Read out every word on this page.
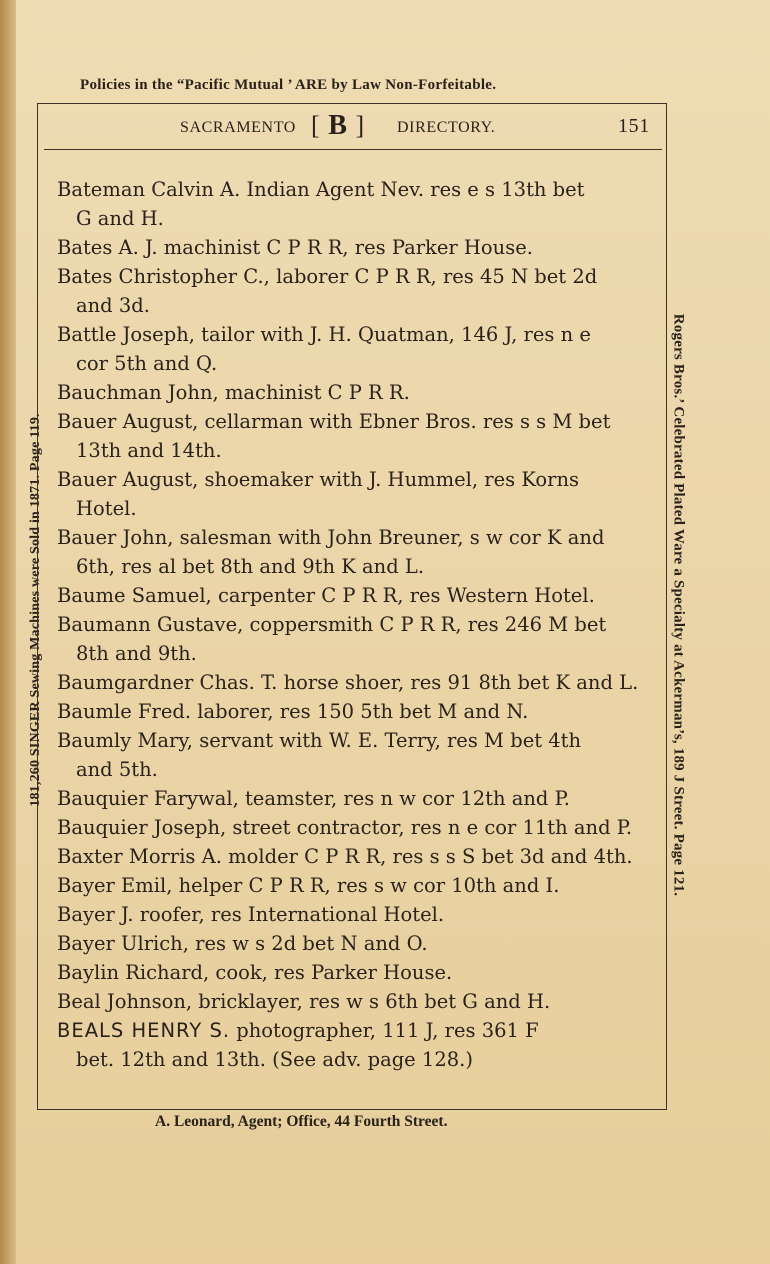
Policies in the “Pacific Mutual ’ ARE by Law Non-Forfeitable.
181,260 SINGER Sewing Machines were Sold in 1871. Page 119.	Rogers Bros.’ Celebrated Plated Ware a Specialty at Ackerman’s, 189 J Street. Page 121.
SACRAMENTO [ B ] DIRECTORY.	151
Bateman Calvin A. Indian Agent Nev. res e s 13th bet
G and H.
Bates A. J. machinist C P R R, res Parker House.
Bates Christopher C., laborer C P R R, res 45 N bet 2d
and 3d.
Battle Joseph, tailor with J. H. Quatman, 146 J, res n e
cor 5th and Q.
Bauchman John, machinist C P R R.
Bauer August, cellarman with Ebner Bros. res s s M bet
13th and 14th.
Bauer August, shoemaker with J. Hummel, res Korns
Hotel.
Bauer John, salesman with John Breuner, s w cor K and
6th, res al bet 8th and 9th K and L.
Baume Samuel, carpenter C P R R, res Western Hotel.
Baumann Gustave, coppersmith C P R R, res 246 M bet
8th and 9th.
Baumgardner Chas. T. horse shoer, res 91 8th bet K and L.
Baumle Fred. laborer, res 150 5th bet M and N.
Baumly Mary, servant with W. E. Terry, res M bet 4th
and 5th.
Bauquier Farywal, teamster, res n w cor 12th and P.
Bauquier Joseph, street contractor, res n e cor 11th and P.
Baxter Morris A. molder C P R R, res s s S bet 3d and 4th.
Bayer Emil, helper C P R R, res s w cor 10th and I.
Bayer J. roofer, res International Hotel.
Bayer Ulrich, res w s 2d bet N and O.
Baylin Richard, cook, res Parker House.
Beal Johnson, bricklayer, res w s 6th bet G and H.
BEALS HENRY S. photographer, 111 J, res 361 F
bet. 12th and 13th. (See adv. page 128.)
A. Leonard, Agent; Office, 44 Fourth Street.
